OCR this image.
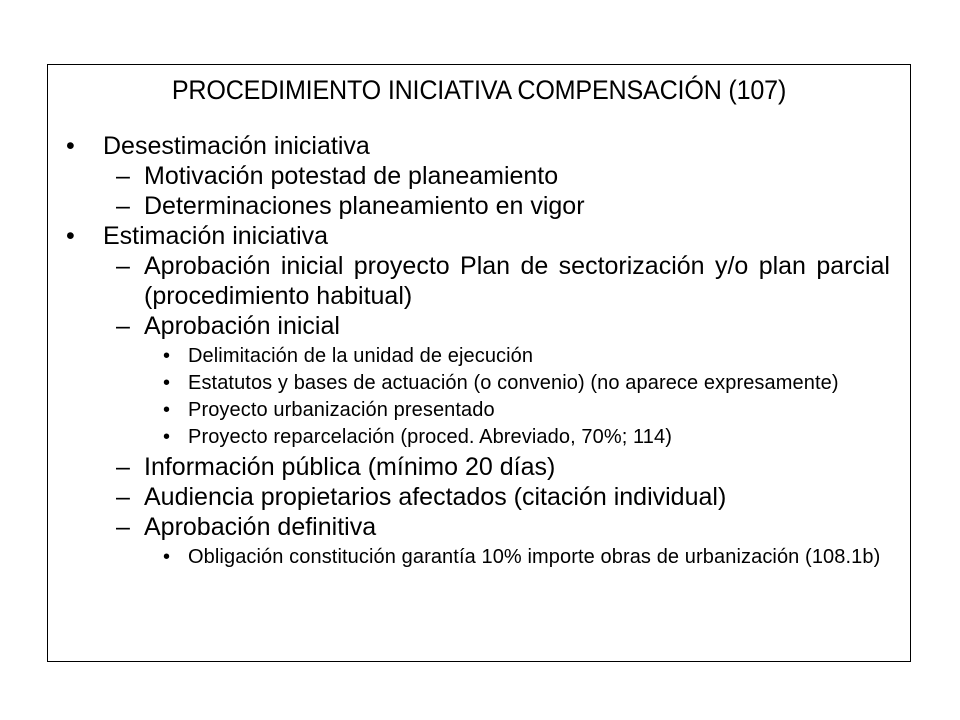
PROCEDIMIENTO INICIATIVA COMPENSACIÓN (107)
• Desestimación iniciativa
– Motivación potestad de planeamiento
– Determinaciones planeamiento en vigor
• Estimación iniciativa
– Aprobación inicial proyecto Plan de sectorización y/o plan parcial (procedimiento habitual)
– Aprobación inicial
• Delimitación de la unidad de ejecución
• Estatutos y bases de actuación (o convenio) (no aparece expresamente)
• Proyecto urbanización presentado
• Proyecto reparcelación (proced. Abreviado, 70%; 114)
– Información pública (mínimo 20 días)
– Audiencia propietarios afectados (citación individual)
– Aprobación definitiva
• Obligación constitución garantía 10% importe obras de urbanización (108.1b)
